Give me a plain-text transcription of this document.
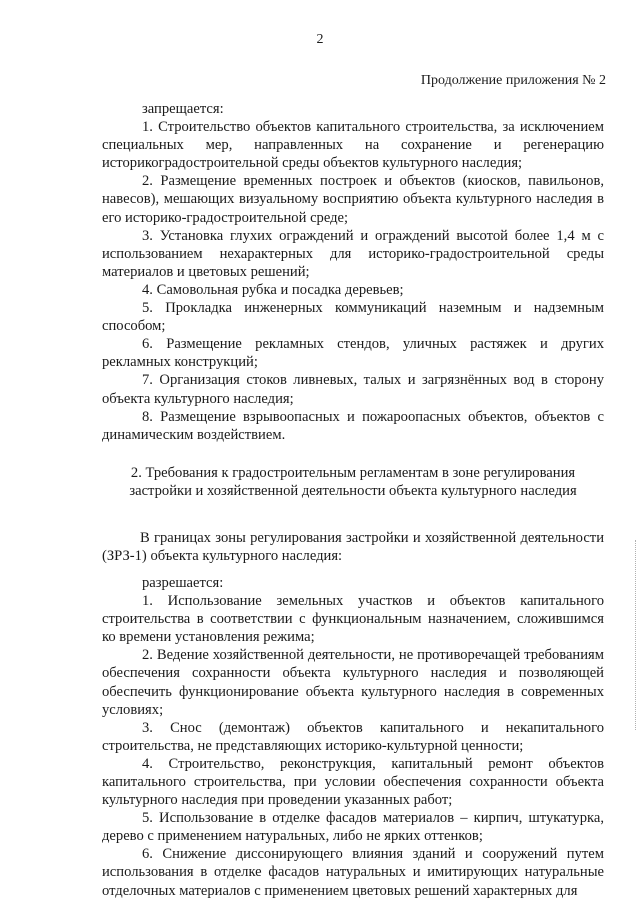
2
Продолжение приложения № 2

запрещается:

1. Строительство объектов капитального строительства, за исключением специальных мер, направленных на сохранение и регенерацию историкоградостроительной среды объектов культурного наследия;

2. Размещение временных построек и объектов (киосков, павильонов, навесов), мешающих визуальному восприятию объекта культурного наследия в его историко-градостроительной среде;

3. Установка глухих ограждений и ограждений высотой более 1,4 м с использованием нехарактерных для историко-градостроительной среды материалов и цветовых решений;

4. Самовольная рубка и посадка деревьев;

5. Прокладка инженерных коммуникаций наземным и надземным способом;

6. Размещение рекламных стендов, уличных растяжек и других рекламных конструкций;

7. Организация стоков ливневых, талых и загрязнённых вод в сторону объекта культурного наследия;

8. Размещение взрывоопасных и пожароопасных объектов, объектов с динамическим воздействием.

2. Требования к градостроительным регламентам в зоне регулирования застройки и хозяйственной деятельности объекта культурного наследия

В границах зоны регулирования застройки и хозяйственной деятельности (ЗРЗ-1) объекта культурного наследия:

разрешается:

1. Использование земельных участков и объектов капитального строительства в соответствии с функциональным назначением, сложившимся ко времени установления режима;

2. Ведение хозяйственной деятельности, не противоречащей требованиям обеспечения сохранности объекта культурного наследия и позволяющей обеспечить функционирование объекта культурного наследия в современных условиях;

3. Снос (демонтаж) объектов капитального и некапитального строительства, не представляющих историко-культурной ценности;

4. Строительство, реконструкция, капитальный ремонт объектов капитального строительства, при условии обеспечения сохранности объекта культурного наследия при проведении указанных работ;

5. Использование в отделке фасадов материалов – кирпич, штукатурка, дерево с применением натуральных, либо не ярких оттенков;

6. Снижение диссонирующего влияния зданий и сооружений путем использования в отделке фасадов натуральных и имитирующих натуральные отделочных материалов с применением цветовых решений характерных для
